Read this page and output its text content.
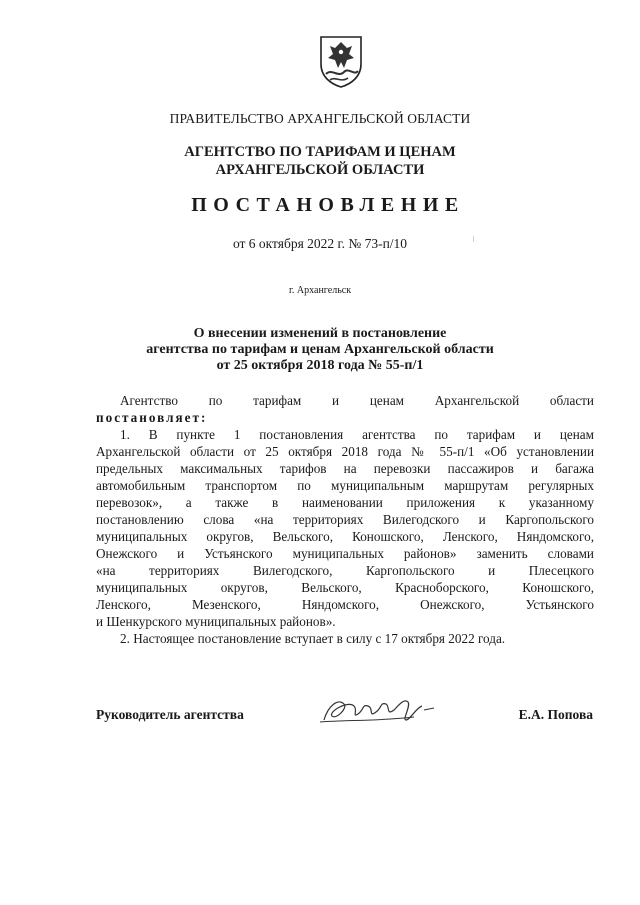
ПРАВИТЕЛЬСТВО АРХАНГЕЛЬСКОЙ ОБЛАСТИ
АГЕНТСТВО ПО ТАРИФАМ И ЦЕНАМ
АРХАНГЕЛЬСКОЙ ОБЛАСТИ
ПОСТАНОВЛЕНИЕ
от 6 октября 2022 г. № 73-п/10
г. Архангельск
О внесении изменений в постановление
агентства по тарифам и ценам Архангельской области
от 25 октября 2018 года № 55-п/1
Агентство по тарифам и ценам Архангельской области
постановляет:
1. В пункте 1 постановления агентства по тарифам и ценам
Архангельской области от 25 октября 2018 года № 55-п/1 «Об установлении
предельных максимальных тарифов на перевозки пассажиров и багажа
автомобильным транспортом по муниципальным маршрутам регулярных
перевозок», а также в наименовании приложения к указанному
постановлению слова «на территориях Вилегодского и Каргопольского
муниципальных округов, Вельского, Коношского, Ленского, Няндомского,
Онежского и Устьянского муниципальных районов» заменить словами
«на территориях Вилегодского, Каргопольского и Плесецкого
муниципальных округов, Вельского, Красноборского, Коношского,
Ленского, Мезенского, Няндомского, Онежского, Устьянского
и Шенкурского муниципальных районов».
2. Настоящее постановление вступает в силу с 17 октября 2022 года.
Руководитель агентства	Е.А. Попова
